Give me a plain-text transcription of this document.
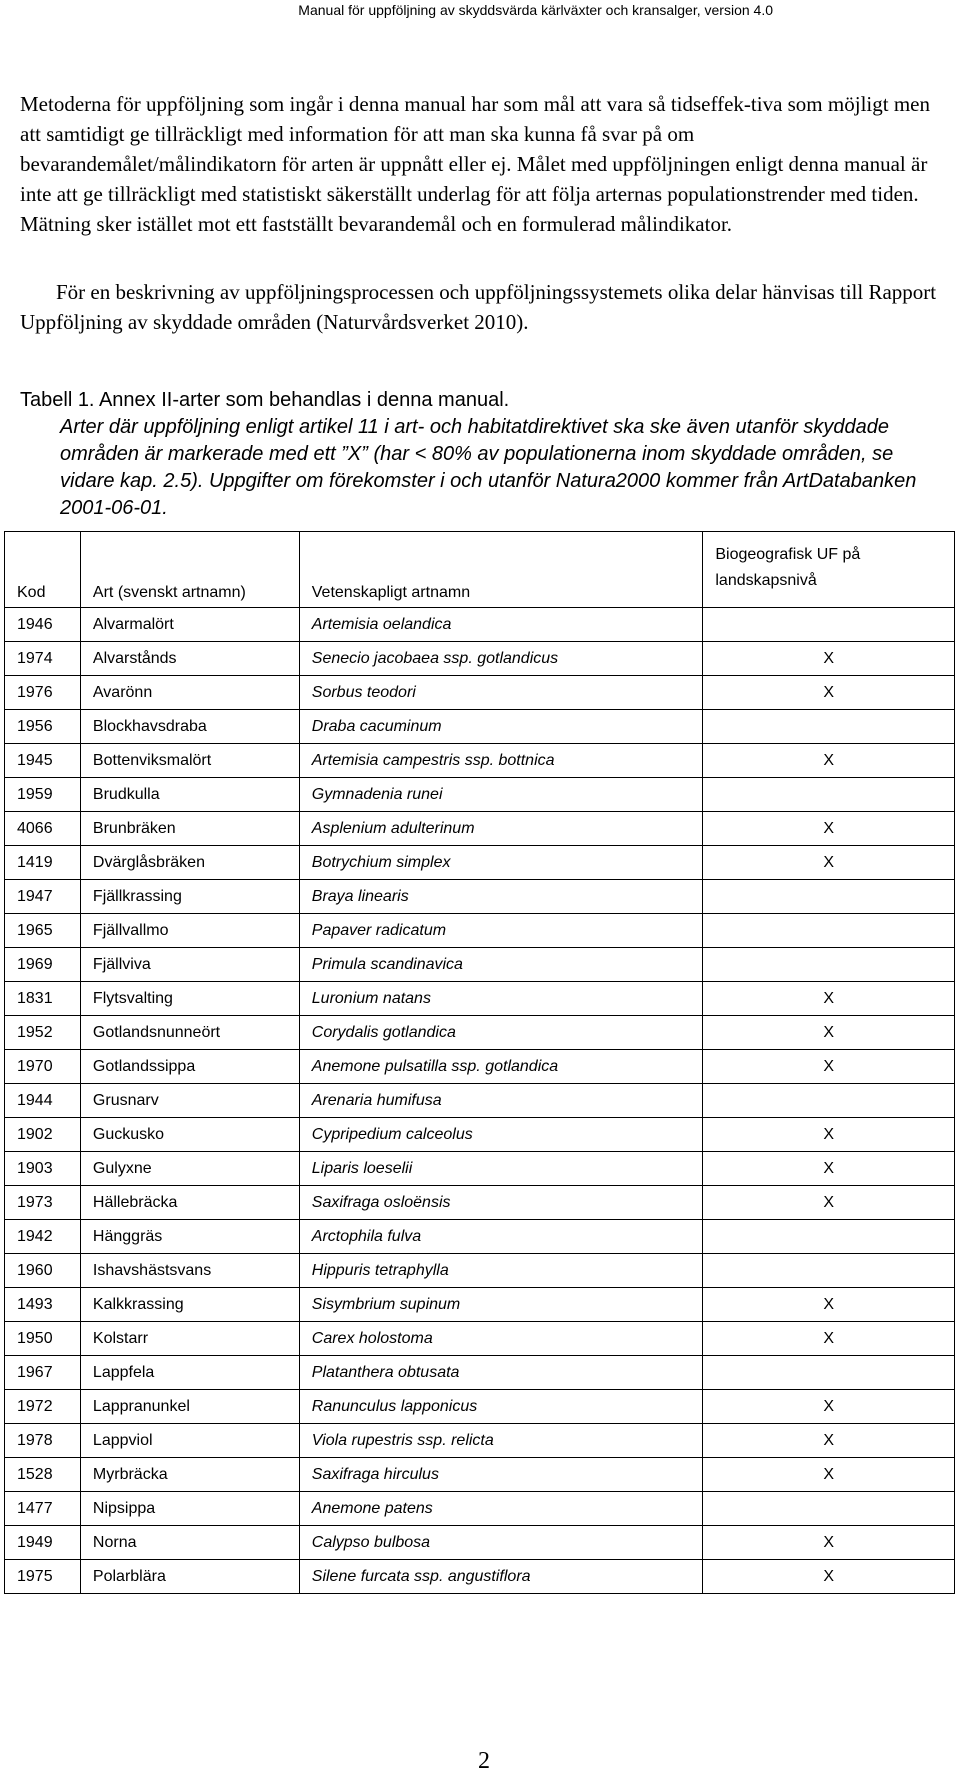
Manual för uppföljning av skyddsvärda kärlväxter och kransalger, version 4.0

Metoderna för uppföljning som ingår i denna manual har som mål att vara så tidseffek-tiva som möjligt men att samtidigt ge tillräckligt med information för att man ska kunna få svar på om bevarandemålet/målindikatorn för arten är uppnått eller ej. Målet med uppföljningen enligt denna manual är inte att ge tillräckligt med statistiskt säkerställt underlag för att följa arternas populationstrender med tiden. Mätning sker istället mot ett fastställt bevarandemål och en formulerad målindikator.

För en beskrivning av uppföljningsprocessen och uppföljningssystemets olika delar hänvisas till Rapport Uppföljning av skyddade områden (Naturvårdsverket 2010).

Tabell 1. Annex II-arter som behandlas i denna manual.
Arter där uppföljning enligt artikel 11 i art- och habitatdirektivet ska ske även utanför skyddade områden är markerade med ett ”X” (har < 80% av populationerna inom skyddade områden, se vidare kap. 2.5). Uppgifter om förekomster i och utanför Natura2000 kommer från ArtDatabanken 2001-06-01.
Kod	Art (svenskt artnamn)	Vetenskapligt artnamn	Biogeografisk UF på landskapsnivå
1946	Alvarmalört	Artemisia oelandica	
1974	Alvarstånds	Senecio jacobaea ssp. gotlandicus	X
1976	Avarönn	Sorbus teodori	X
1956	Blockhavsdraba	Draba cacuminum	
1945	Bottenviksmalört	Artemisia campestris ssp. bottnica	X
1959	Brudkulla	Gymnadenia runei	
4066	Brunbräken	Asplenium adulterinum	X
1419	Dvärglåsbräken	Botrychium simplex	X
1947	Fjällkrassing	Braya linearis	
1965	Fjällvallmo	Papaver radicatum	
1969	Fjällviva	Primula scandinavica	
1831	Flytsvalting	Luronium natans	X
1952	Gotlandsnunneört	Corydalis gotlandica	X
1970	Gotlandssippa	Anemone pulsatilla ssp. gotlandica	X
1944	Grusnarv	Arenaria humifusa	
1902	Guckusko	Cypripedium calceolus	X
1903	Gulyxne	Liparis loeselii	X
1973	Hällebräcka	Saxifraga osloënsis	X
1942	Hänggräs	Arctophila fulva	
1960	Ishavshästsvans	Hippuris tetraphylla	
1493	Kalkkrassing	Sisymbrium supinum	X
1950	Kolstarr	Carex holostoma	X
1967	Lappfela	Platanthera obtusata	
1972	Lappranunkel	Ranunculus lapponicus	X
1978	Lappviol	Viola rupestris ssp. relicta	X
1528	Myrbräcka	Saxifraga hirculus	X
1477	Nipsippa	Anemone patens	
1949	Norna	Calypso bulbosa	X
1975	Polarblära	Silene furcata ssp. angustiflora	X
2
